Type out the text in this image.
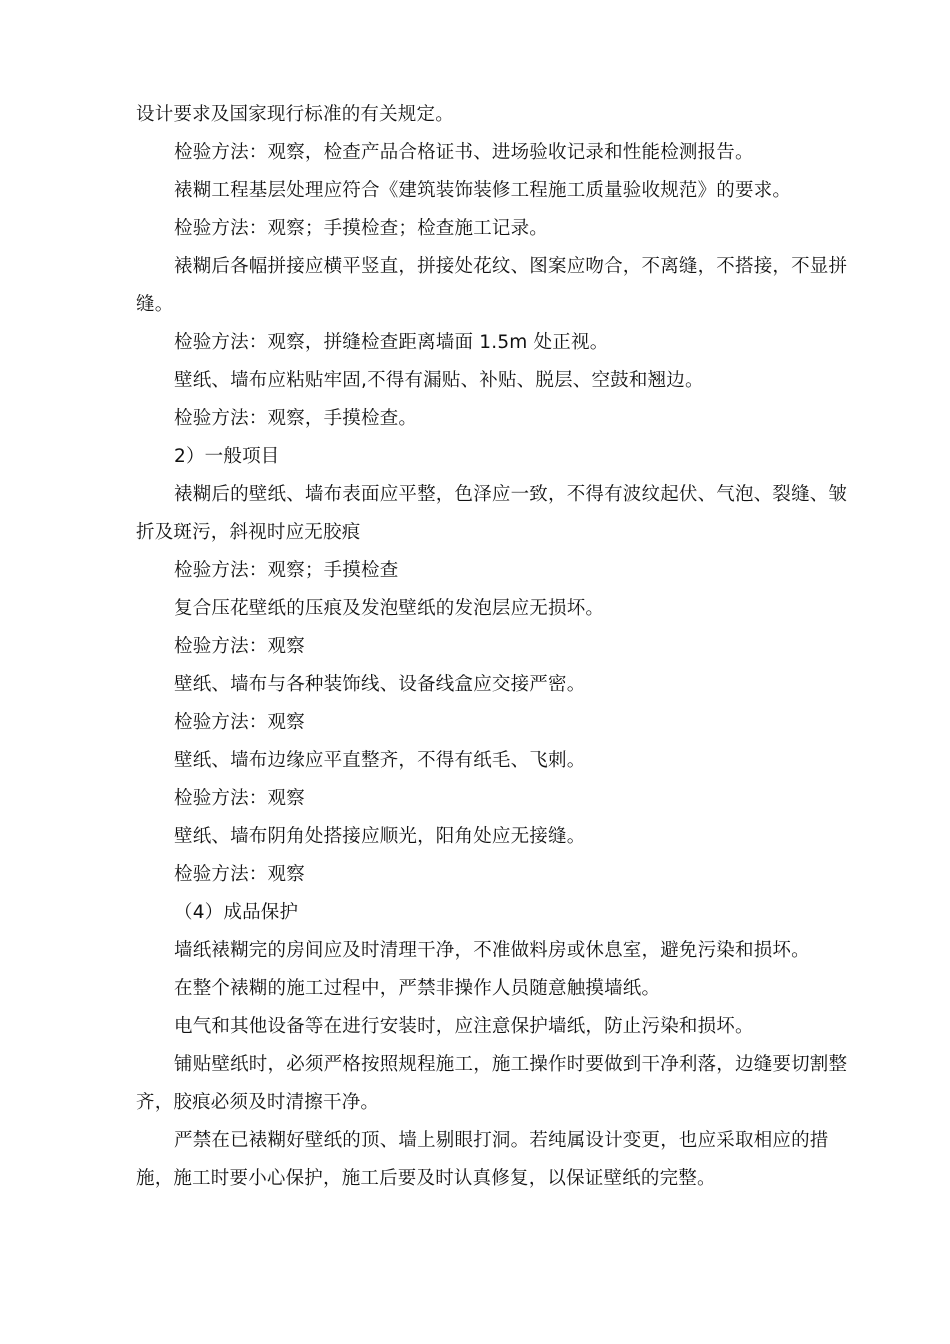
设计要求及国家现行标准的有关规定。

检验方法：观察，检查产品合格证书、进场验收记录和性能检测报告。

裱糊工程基层处理应符合《建筑装饰装修工程施工质量验收规范》的要求。

检验方法：观察；手摸检查；检查施工记录。

裱糊后各幅拼接应横平竖直，拼接处花纹、图案应吻合，不离缝，不搭接，不显拼缝。

检验方法：观察，拼缝检查距离墙面 1.5m 处正视。

壁纸、墙布应粘贴牢固,不得有漏贴、补贴、脱层、空鼓和翘边。

检验方法：观察，手摸检查。

2）一般项目

裱糊后的壁纸、墙布表面应平整，色泽应一致，不得有波纹起伏、气泡、裂缝、皱折及斑污，斜视时应无胶痕

检验方法：观察；手摸检查

复合压花壁纸的压痕及发泡壁纸的发泡层应无损坏。

检验方法：观察

壁纸、墙布与各种装饰线、设备线盒应交接严密。

检验方法：观察

壁纸、墙布边缘应平直整齐，不得有纸毛、飞刺。

检验方法：观察

壁纸、墙布阴角处搭接应顺光，阳角处应无接缝。

检验方法：观察

（4）成品保护

墙纸裱糊完的房间应及时清理干净，不准做料房或休息室，避免污染和损坏。

在整个裱糊的施工过程中，严禁非操作人员随意触摸墙纸。

电气和其他设备等在进行安装时，应注意保护墙纸，防止污染和损坏。

铺贴壁纸时，必须严格按照规程施工，施工操作时要做到干净利落，边缝要切割整齐，胶痕必须及时清擦干净。

严禁在已裱糊好壁纸的顶、墙上剔眼打洞。若纯属设计变更，也应采取相应的措施，施工时要小心保护，施工后要及时认真修复，以保证壁纸的完整。
